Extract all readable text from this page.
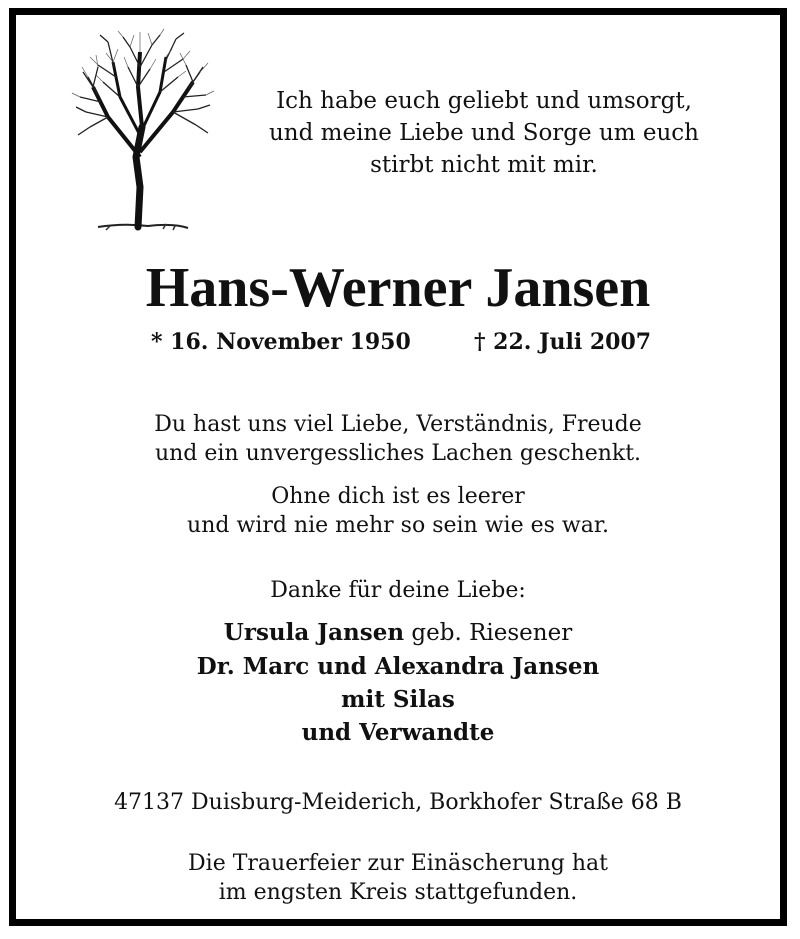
Ich habe euch geliebt und umsorgt,
und meine Liebe und Sorge um euch
stirbt nicht mit mir.
Hans-Werner Jansen
* 16. November 1950	† 22. Juli 2007
Du hast uns viel Liebe, Verständnis, Freude
und ein unvergessliches Lachen geschenkt.
Ohne dich ist es leerer
und wird nie mehr so sein wie es war.
Danke für deine Liebe:
Ursula Jansen geb. Riesener
Dr. Marc und Alexandra Jansen
mit Silas
und Verwandte
47137 Duisburg-Meiderich, Borkhofer Straße 68 B
Die Trauerfeier zur Einäscherung hat
im engsten Kreis stattgefunden.
